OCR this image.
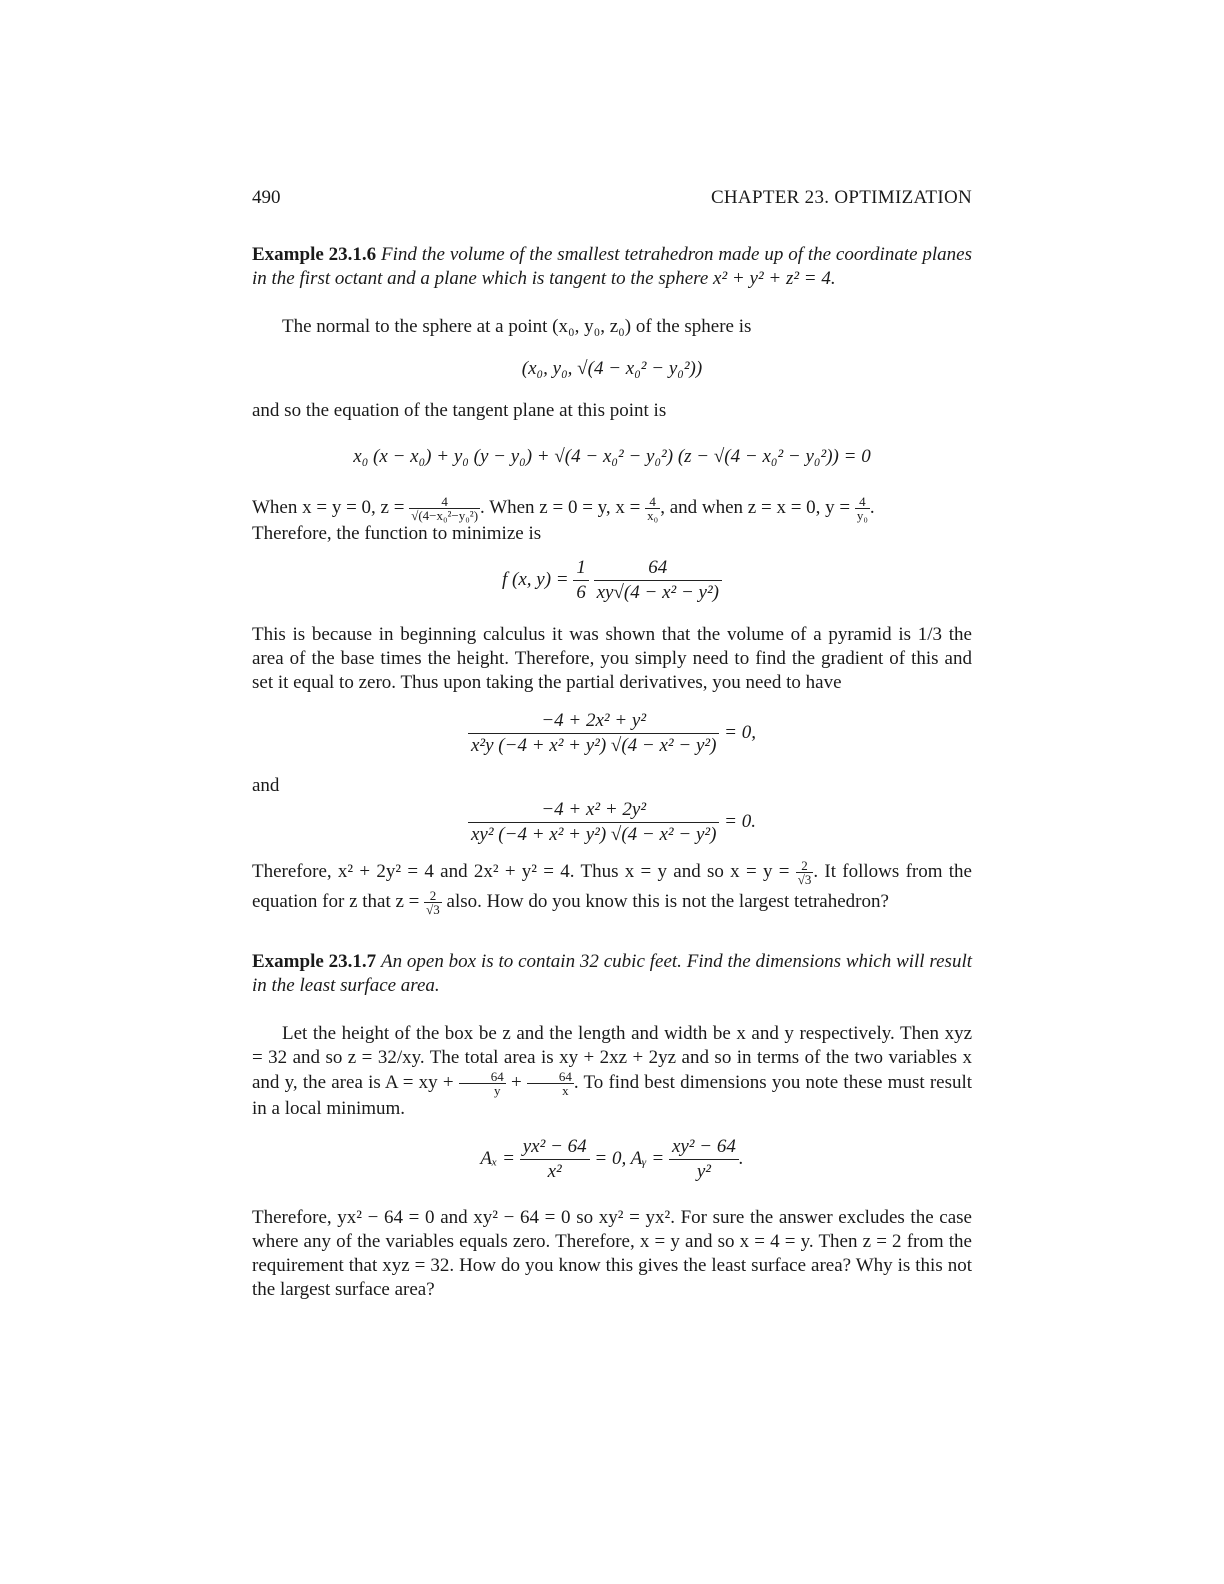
490	CHAPTER 23. OPTIMIZATION

Example 23.1.6 Find the volume of the smallest tetrahedron made up of the coordinate planes in the first octant and a plane which is tangent to the sphere x² + y² + z² = 4.

The normal to the sphere at a point (x₀, y₀, z₀) of the sphere is

(x₀, y₀, √(4 − x₀² − y₀²))

and so the equation of the tangent plane at this point is

x₀ (x − x₀) + y₀ (y − y₀) + √(4 − x₀² − y₀²) (z − √(4 − x₀² − y₀²)) = 0

When x = y = 0, $z = \frac{4}{\text{√(4−x₀²−y₀²)}}$ . When z = 0 = y, $x = \frac{4}{\text{x₀}}$ , and when z = x = 0, $y = \frac{4}{\text{y₀}}$ .

Therefore, the function to minimize is

f (x, $y) = \frac{1}{6}$
$\frac{64}{\text{xy√(4 − x² − y²)}}$

This is because in beginning calculus it was shown that the volume of a pyramid is 1/3 the area of the base times the height. Therefore, you simply need to find the gradient of this and set it equal to zero. Thus upon taking the partial derivatives, you need to have

$\frac{\text{−4 + 2x² + y²}}{\text{x²y (−4 + x² + y²) √(4 − x² − y²)}} = 0$,

and

$\frac{\text{−4 + x² + 2y²}}{\text{xy² (−4 + x² + y²) √(4 − x² − y²)}} = 0$.

Therefore, x² + 2y² = 4 and 2x² + y² = 4. Thus x = y and so $x = y = \frac{2}{√3}$ . It follows from the equation for z that $z = \frac{2}{√3}$ also. How do you know this is not the largest tetrahedron?

Example 23.1.7 An open box is to contain 32 cubic feet. Find the dimensions which will result in the least surface area.

Let the height of the box be z and the length and width be x and y respectively. Then xyz = 32 and so z = 32/xy. The total area is xy + 2xz + 2yz and so in terms of the two variables x and y, the area is A = xy + $\frac{64}{y} + \frac{64}{x}$ . To find best dimensions you note these must result in a local minimum.

$A_x = \frac{\text{yx² − 64}}{\text{x²}} = 0$, Aᵧ = $\frac{\text{xy² − 64}}{\text{y²}}$ .

Therefore, yx² − 64 = 0 and xy² − 64 = 0 so xy² = yx². For sure the answer excludes the case where any of the variables equals zero. Therefore, x = y and so x = 4 = y. Then z = 2 from the requirement that xyz = 32. How do you know this gives the least surface area? Why is this not the largest surface area?
